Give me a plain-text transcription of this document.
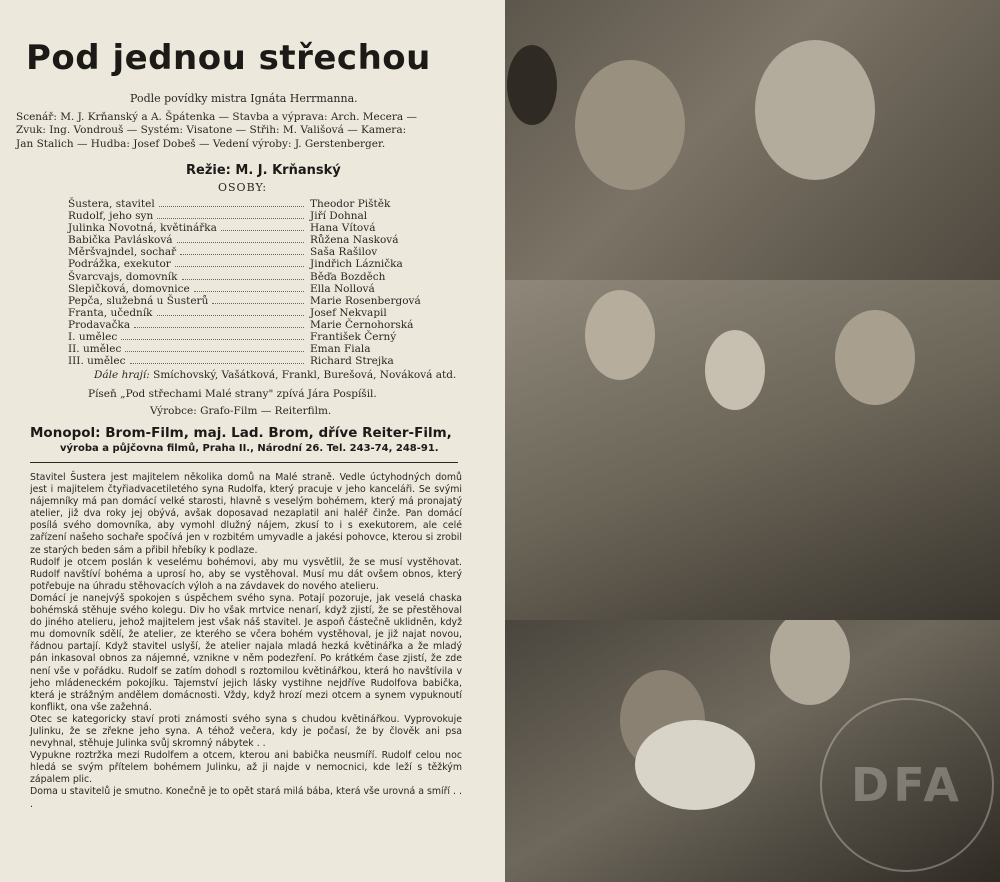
Pod jednou střechou
Podle povídky mistra Ignáta Herrmanna.
Scenář: M. J. Krňanský a A. Špátenka — Stavba a výprava: Arch. Mecera —
Zvuk: Ing. Vondrouš — Systém: Visatone — Střih: M. Vališová — Kamera:
Jan Stalich — Hudba: Josef Dobeš — Vedení výroby: J. Gerstenberger.
Režie: M. J. Krňanský
OSOBY:
Šustera, stavitel	Theodor Pištěk
Rudolf, jeho syn	Jiří Dohnal
Julinka Novotná, květinářka	Hana Vítová
Babička Pavlásková	Růžena Nasková
Měršvajndel, sochař	Saša Rašilov
Podrážka, exekutor	Jindřich Láznička
Švarcvajs, domovník	Běďa Bozděch
Slepičková, domovnice	Ella Nollová
Pepča, služebná u Šusterů	Marie Rosenbergová
Franta, učedník	Josef Nekvapil
Prodavačka	Marie Černohorská
I. umělec	František Černý
II. umělec	Eman Fiala
III. umělec	Richard Strejka
Dále hrají: Smíchovský, Vašátková, Frankl, Burešová, Nováková atd.
Píseň „Pod střechami Malé strany" zpívá Jára Pospíšil.
Výrobce: Grafo-Film — Reiterfilm.
Monopol: Brom-Film, maj. Lad. Brom, dříve Reiter-Film,
výroba a půjčovna filmů, Praha II., Národní 26. Tel. 243-74, 248-91.

Stavitel Šustera jest majitelem několika domů na Malé straně. Vedle úctyhodných domů jest i majitelem čtyřiadvacetiletého syna Rudolfa, který pracuje v jeho kanceláři. Se svými nájemníky má pan domácí velké starosti, hlavně s veselým bohémem, který má pronajatý atelier, již dva roky jej obývá, avšak doposavad nezaplatil ani haléř činže. Pan domácí posílá svého domovníka, aby vymohl dlužný nájem, zkusí to i s exekutorem, ale celé zařízení našeho sochaře spočívá jen v rozbitém umyvadle a jakési pohovce, kterou si zrobil ze starých beden sám a přibil hřebíky k podlaze.

Rudolf je otcem poslán k veselému bohémovi, aby mu vysvětlil, že se musí vystěhovat. Rudolf navštíví bohéma a uprosí ho, aby se vystěhoval. Musí mu dát ovšem obnos, který potřebuje na úhradu stěhovacích výloh a na závdavek do nového atelieru.

Domácí je nanejvýš spokojen s úspěchem svého syna. Potají pozoruje, jak veselá chaska bohémská stěhuje svého kolegu. Div ho však mrtvice nenarí, když zjistí, že se přestěhoval do jiného atelieru, jehož majitelem jest však náš stavitel. Je aspoň částečně uklidněn, když mu domovník sdělí, že atelier, ze kterého se včera bohém vystěhoval, je již najat novou, řádnou partají. Když stavitel uslyší, že atelier najala mladá hezká květinářka a že mladý pán inkasoval obnos za nájemné, vznikne v něm podezření. Po krátkém čase zjistí, že zde není vše v pořádku. Rudolf se zatím dohodl s roztomilou květinářkou, která ho navštívila v jeho mládeneckém pokojíku. Tajemství jejich lásky vystihne nejdříve Rudolfova babička, která je strážným andělem domácnosti. Vždy, když hrozí mezi otcem a synem vypuknoutí konflikt, ona vše zažehná.

Otec se kategoricky staví proti známosti svého syna s chudou květinářkou. Vyprovokuje Julinku, že se zřekne jeho syna. A téhož večera, kdy je počasí, že by člověk ani psa nevyhnal, stěhuje Julinka svůj skromný nábytek . .

Vypukne roztržka mezi Rudolfem a otcem, kterou ani babička neusmíří. Rudolf celou noc hledá se svým přítelem bohémem Julinku, až ji najde v nemocnici, kde leží s těžkým zápalem plic.

Doma u stavitelů je smutno. Konečně je to opět stará milá bába, která vše urovná a smíří . . .	DFA
